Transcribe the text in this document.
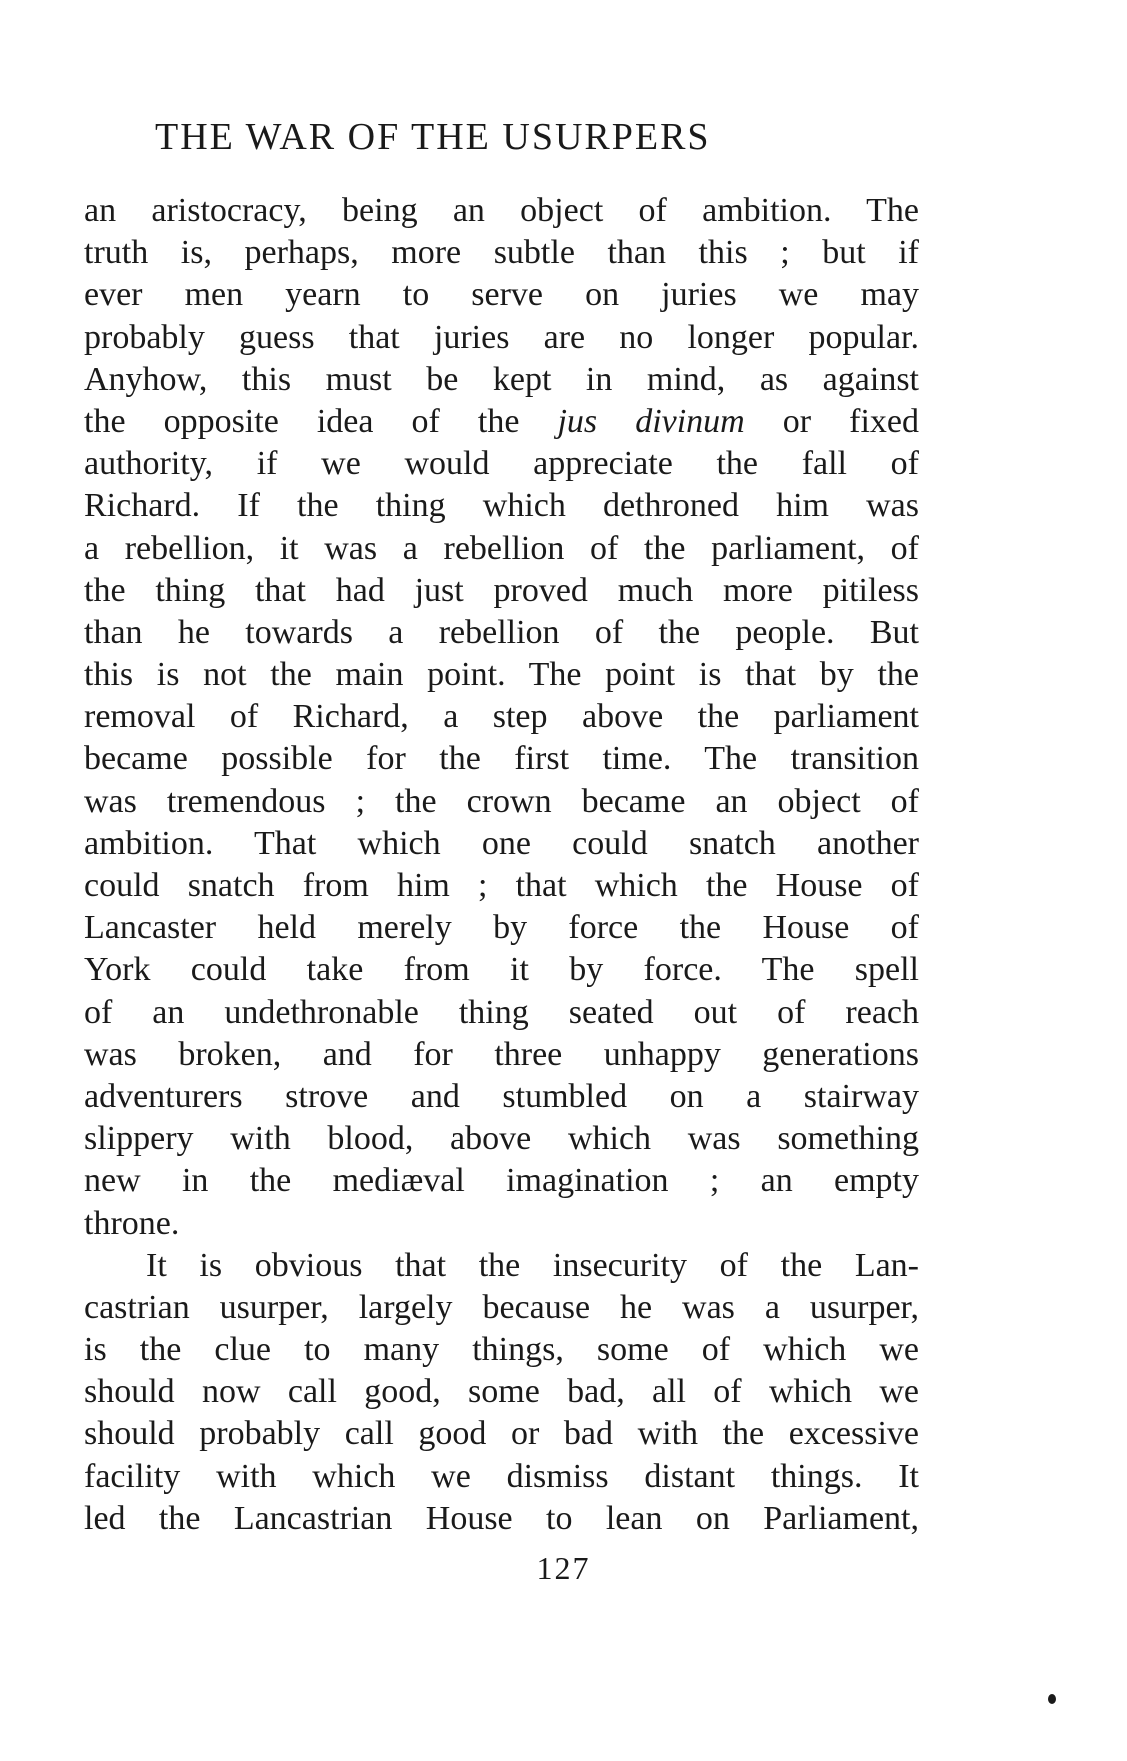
THE WAR OF THE USURPERS
an aristocracy, being an object of ambition. The
truth is, perhaps, more subtle than this ; but if
ever men yearn to serve on juries we may
probably guess that juries are no longer popular.
Anyhow, this must be kept in mind, as against
the opposite idea of the jus divinum or fixed
authority, if we would appreciate the fall of
Richard. If the thing which dethroned him was
a rebellion, it was a rebellion of the parliament, of
the thing that had just proved much more pitiless
than he towards a rebellion of the people. But
this is not the main point. The point is that by the
removal of Richard, a step above the parliament
became possible for the first time. The transition
was tremendous ; the crown became an object of
ambition. That which one could snatch another
could snatch from him ; that which the House of
Lancaster held merely by force the House of
York could take from it by force. The spell
of an undethronable thing seated out of reach
was broken, and for three unhappy generations
adventurers strove and stumbled on a stairway
slippery with blood, above which was something
new in the mediæval imagination ; an empty
throne.
It is obvious that the insecurity of the Lan-
castrian usurper, largely because he was a usurper,
is the clue to many things, some of which we
should now call good, some bad, all of which we
should probably call good or bad with the excessive
facility with which we dismiss distant things. It
led the Lancastrian House to lean on Parliament,
127
